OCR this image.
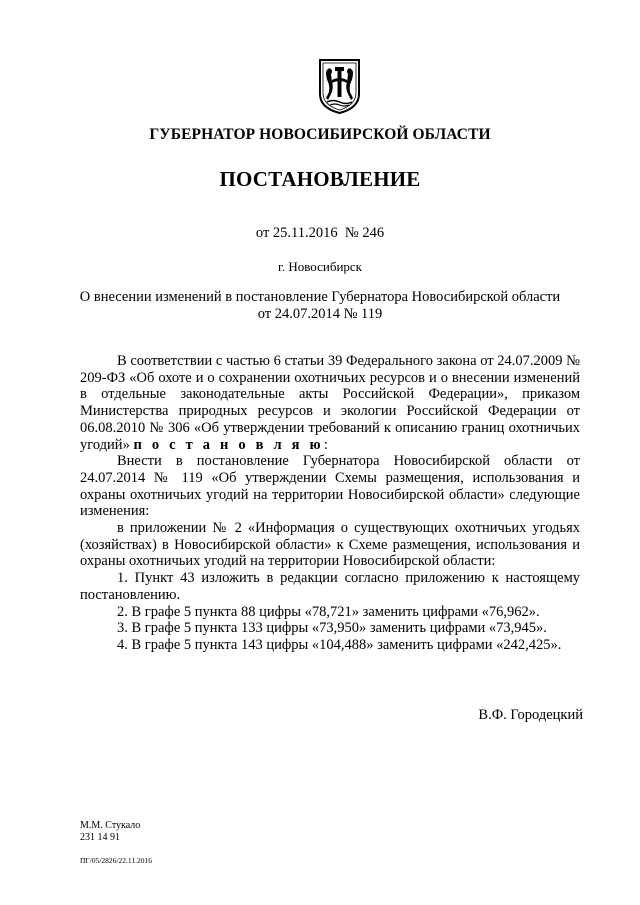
ГУБЕРНАТОР НОВОСИБИРСКОЙ ОБЛАСТИ

ПОСТАНОВЛЕНИЕ

от 25.11.2016  № 246

г. Новосибирск

О внесении изменений в постановление Губернатора Новосибирской области
от 24.07.2014 № 119

В соответствии с частью 6 статьи 39 Федерального закона от 24.07.2009 № 209-ФЗ «Об охоте и о сохранении охотничьих ресурсов и о внесении изменений в отдельные законодательные акты Российской Федерации», приказом Министерства природных ресурсов и экологии Российской Федерации от 06.08.2010 № 306 «Об утверждении требований к описанию границ охотничьих угодий» п о с т а н о в л я ю:

Внести в постановление Губернатора Новосибирской области от 24.07.2014 № 119 «Об утверждении Схемы размещения, использования и охраны охотничьих угодий на территории Новосибирской области» следующие изменения:

в приложении № 2 «Информация о существующих охотничьих угодьях (хозяйствах) в Новосибирской области» к Схеме размещения, использования и охраны охотничьих угодий на территории Новосибирской области:

1. Пункт 43 изложить в редакции согласно приложению к настоящему постановлению.

2. В графе 5 пункта 88 цифры «78,721» заменить цифрами «76,962».

3. В графе 5 пункта 133 цифры «73,950» заменить цифрами «73,945».

4. В графе 5 пункта 143 цифры «104,488» заменить цифрами «242,425».

В.Ф. Городецкий

М.М. Стукало
231 14 91
ПГ/05/2826/22.11.2016
